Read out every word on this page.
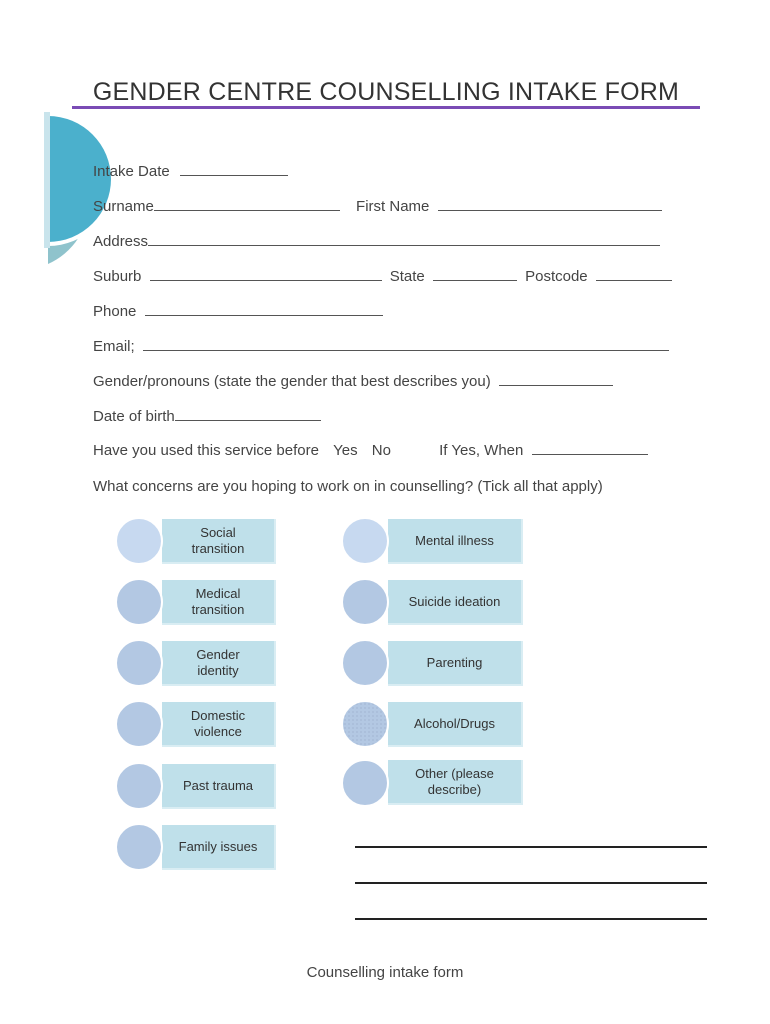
GENDER CENTRE COUNSELLING INTAKE FORM
Intake Date
Surname	First Name
Address
Suburb	State	Postcode
Phone
Email;
Gender/pronouns (state the gender that best describes you)
Date of birth
Have you used this service before Yes No	If Yes, When
What concerns are you hoping to work on in counselling? (Tick all that apply)
Social
transition
Medical
transition
Gender
identity
Domestic
violence
Past trauma
Family issues
Mental illness
Suicide ideation
Parenting
Alcohol/Drugs
Other (please
describe)
Counselling intake form
